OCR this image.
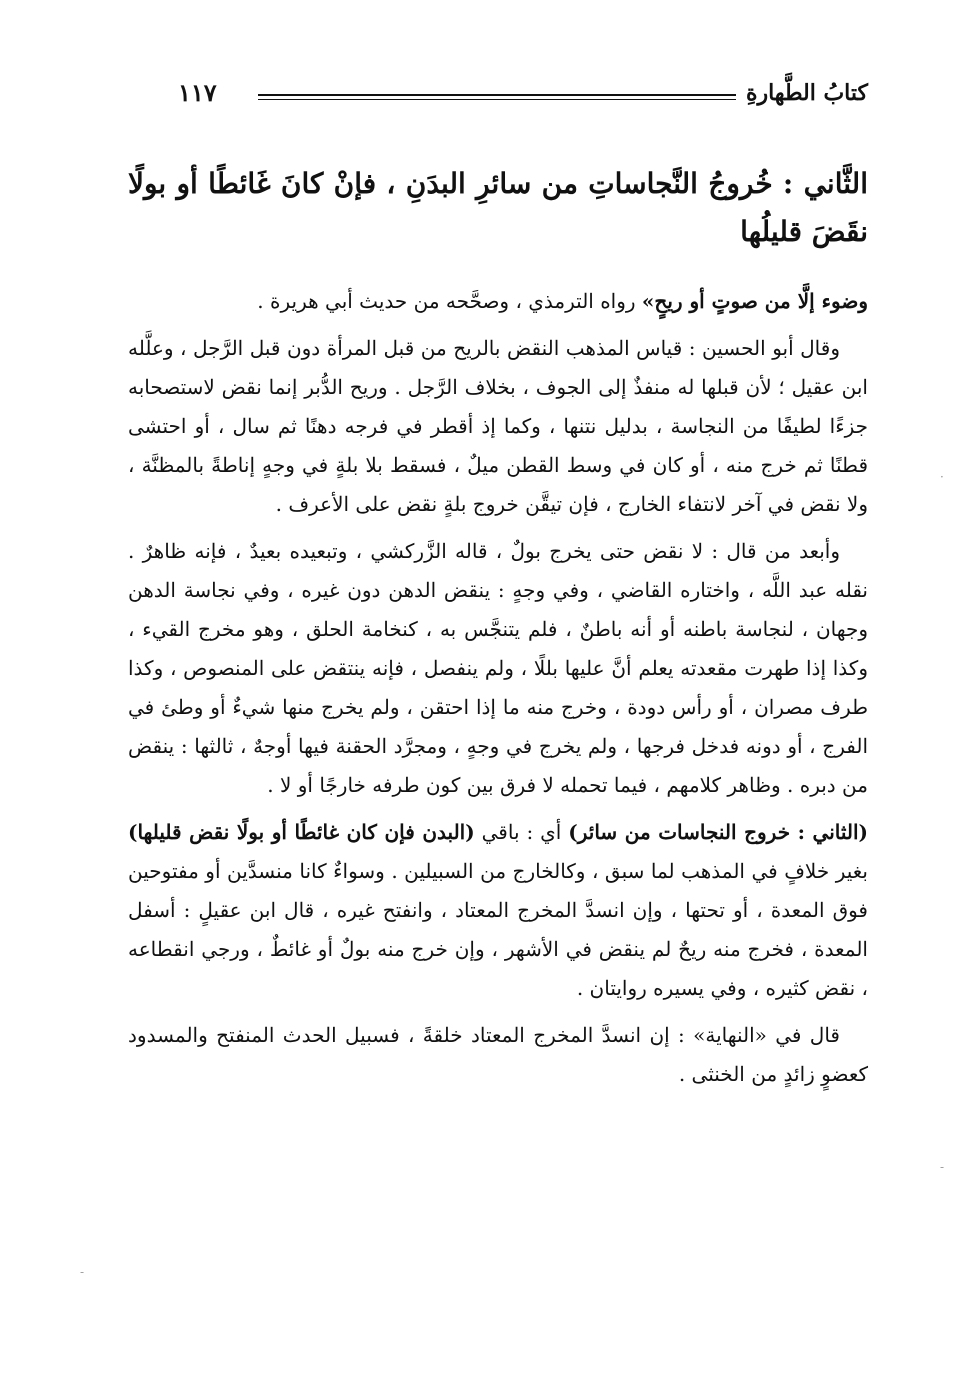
كتابُ الطَّهارةِ
١١٧
الثَّاني : خُروجُ النَّجاساتِ من سائرِ البدَنِ ، فإنْ كانَ غَائطًا أو بولًا نقَضَ قليلُها

وضوء إلَّا من صوتٍ أو ريحٍ» رواه الترمذي ، وصحَّحه من حديث أبي هريرة .

وقال أبو الحسين : قياس المذهب النقض بالريح من قبل المرأة دون قبل الرَّجل ، وعلَّله ابن عقيل ؛ لأن قبلها له منفذٌ إلى الجوف ، بخلاف الرَّجل . وريح الدُّبر إنما نقض لاستصحابه جزءًا لطيفًا من النجاسة ، بدليل نتنها ، وكما إذ أقطر في فرجه دهنًا ثم سال ، أو احتشى قطنًا ثم خرج منه ، أو كان في وسط القطن ميلٌ ، فسقط بلا بلةٍ في وجهٍ إناطةً بالمظنَّة ، ولا نقض في آخر لانتفاء الخارج ، فإن تيقَّن خروج بلةٍ نقض على الأعرف .

وأبعد من قال : لا نقض حتى يخرج بولٌ ، قاله الزَّركشي ، وتبعيده بعيدٌ ، فإنه ظاهرٌ . نقله عبد اللَّه ، واختاره القاضي ، وفي وجهٍ : ينقض الدهن دون غيره ، وفي نجاسة الدهن وجهان ، لنجاسة باطنه أو أنه باطنٌ ، فلم يتنجَّس به ، كنخامة الحلق ، وهو مخرج القيء ، وكذا إذا طهرت مقعدته يعلم أنَّ عليها بللًا ، ولم ينفصل ، فإنه ينتقض على المنصوص ، وكذا طرف مصران ، أو رأس دودة ، وخرج منه ما إذا احتقن ، ولم يخرج منها شيءٌ أو وطئ في الفرج ، أو دونه فدخل فرجها ، ولم يخرج في وجهٍ ، ومجرَّد الحقنة فيها أوجهٌ ، ثالثها : ينقض من دبره . وظاهر كلامهم ، فيما تحمله لا فرق بين كون طرفه خارجًا أو لا .

(الثاني : خروج النجاسات من سائر) أي : باقي (البدن فإن كان غائطًا أو بولًا نقض قليلها) بغير خلافٍ في المذهب لما سبق ، وكالخارج من السبيلين . وسواءٌ كانا منسدَّين أو مفتوحين فوق المعدة ، أو تحتها ، وإن انسدَّ المخرج المعتاد ، وانفتح غيره ، قال ابن عقيلٍ : أسفل المعدة ، فخرج منه ريحٌ لم ينقض في الأشهر ، وإن خرج منه بولٌ أو غائطٌ ، ورجي انقطاعه ، نقض كثيره ، وفي يسيره روايتان .

قال في «النهاية» : إن انسدَّ المخرج المعتاد خلقةً ، فسبيل الحدث المنفتح والمسدود كعضوٍ زائدٍ من الخنثى .

·
-
-
